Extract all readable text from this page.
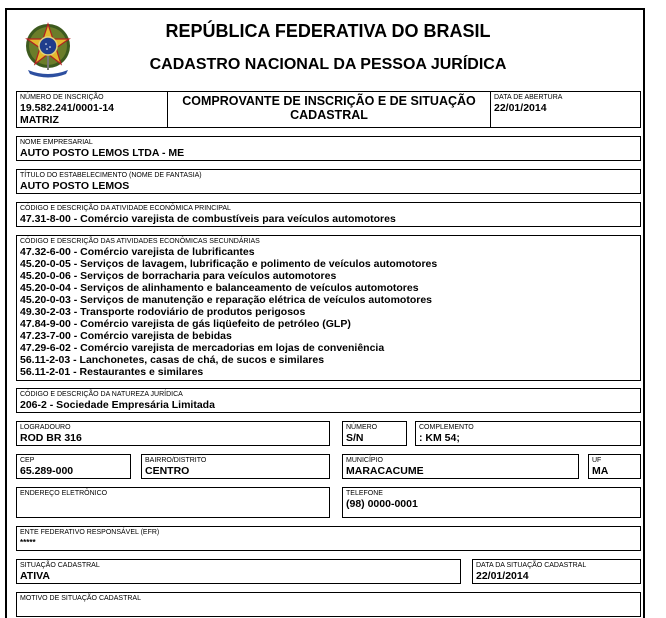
REPÚBLICA FEDERATIVA DO BRASIL
CADASTRO NACIONAL DA PESSOA JURÍDICA
NÚMERO DE INSCRIÇÃO
19.582.241/0001-14
MATRIZ
COMPROVANTE DE INSCRIÇÃO E DE SITUAÇÃO
CADASTRAL
DATA DE ABERTURA
22/01/2014
NOME EMPRESARIAL
AUTO POSTO LEMOS LTDA - ME
TÍTULO DO ESTABELECIMENTO (NOME DE FANTASIA)
AUTO POSTO LEMOS
CÓDIGO E DESCRIÇÃO DA ATIVIDADE ECONÔMICA PRINCIPAL
47.31-8-00 - Comércio varejista de combustíveis para veículos automotores
CÓDIGO E DESCRIÇÃO DAS ATIVIDADES ECONÔMICAS SECUNDÁRIAS
47.32-6-00 - Comércio varejista de lubrificantes
45.20-0-05 - Serviços de lavagem, lubrificação e polimento de veículos automotores
45.20-0-06 - Serviços de borracharia para veículos automotores
45.20-0-04 - Serviços de alinhamento e balanceamento de veículos automotores
45.20-0-03 - Serviços de manutenção e reparação elétrica de veículos automotores
49.30-2-03 - Transporte rodoviário de produtos perigosos
47.84-9-00 - Comércio varejista de gás liqüefeito de petróleo (GLP)
47.23-7-00 - Comércio varejista de bebidas
47.29-6-02 - Comércio varejista de mercadorias em lojas de conveniência
56.11-2-03 - Lanchonetes, casas de chá, de sucos e similares
56.11-2-01 - Restaurantes e similares
CÓDIGO E DESCRIÇÃO DA NATUREZA JURÍDICA
206-2 - Sociedade Empresária Limitada
LOGRADOURO
ROD BR 316
NÚMERO
S/N
COMPLEMENTO
: KM 54;
CEP
65.289-000
BAIRRO/DISTRITO
CENTRO
MUNICÍPIO
MARACACUME
UF
MA
ENDEREÇO ELETRÔNICO	TELEFONE
(98) 0000-0001
ENTE FEDERATIVO RESPONSÁVEL (EFR)
*****
SITUAÇÃO CADASTRAL
ATIVA
DATA DA SITUAÇÃO CADASTRAL
22/01/2014
MOTIVO DE SITUAÇÃO CADASTRAL
